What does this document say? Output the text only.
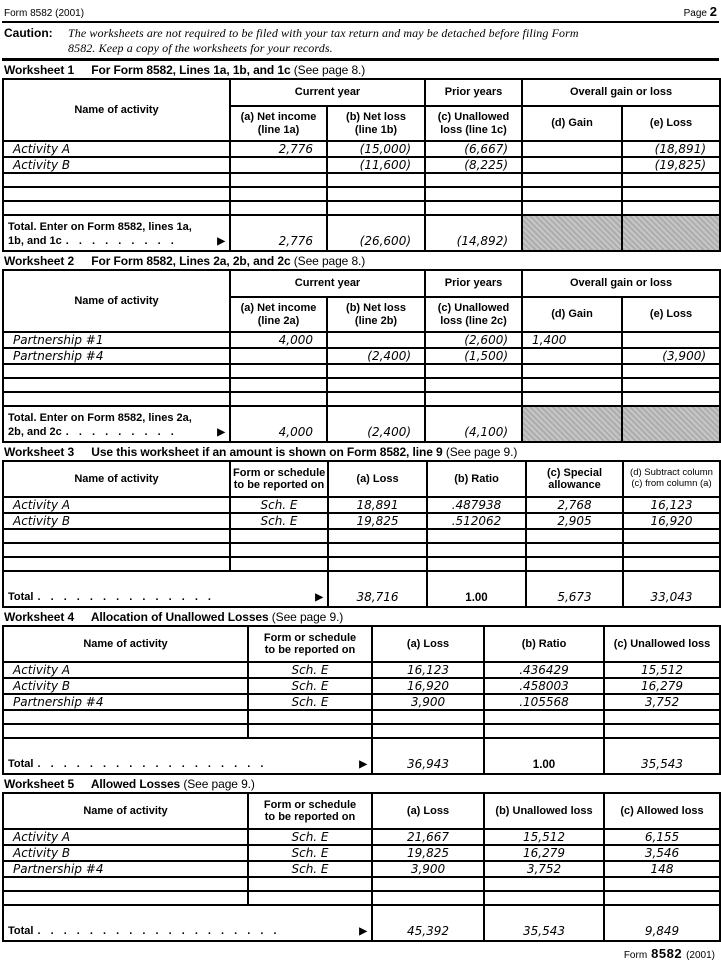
Form 8582 (2001)	Page 2
Caution: The worksheets are not required to be filed with your tax return and may be detached before filing Form
8582. Keep a copy of the worksheets for your records.
Worksheet 1 For Form 8582, Lines 1a, 1b, and 1c (See page 8.)
Name of activity	Current year		Prior years	Overall gain or loss	

(a) Net income
(line 1a)

(b) Net loss
(line 1b)

(c) Unallowed
loss (line 1c)
	(d) Gain	(e) Loss
Activity A	2,776	(15,000)	(6,667)		(18,891)
Activity B		(11,600)	(8,225)		(19,825)

Total. Enter on Form 8582, lines 1a,
1b, and 1c . . . . . . . . . ▶	2,776	(26,600)	(14,892)		
Worksheet 2 For Form 8582, Lines 2a, 2b, and 2c (See page 8.)
Name of activity	Current year		Prior years	Overall gain or loss	

(a) Net income
(line 2a)

(b) Net loss
(line 2b)

(c) Unallowed
loss (line 2c)
	(d) Gain	(e) Loss
Partnership #1	4,000		(2,600)	1,400	
Partnership #4		(2,400)	(1,500)		(3,900)

Total. Enter on Form 8582, lines 2a,
2b, and 2c . . . . . . . . . ▶	4,000	(2,400)	(4,100)		
Worksheet 3 Use this worksheet if an amount is shown on Form 8582, line 9 (See page 9.)
Name of activity	
Form or schedule
to be reported on
	(a) Loss	(b) Ratio	
(c) Special
allowance

(d) Subtract column
(c) from column (a)

Activity A	Sch. E	18,891	.487938	2,768	16,123
Activity B	Sch. E	19,825	.512062	2,905	16,920

Total . . . . . . . . . . . . . . ▶		38,716	1.00	5,673	33,043
Worksheet 4 Allocation of Unallowed Losses (See page 9.)
Name of activity	Form or schedule
to be reported on	(a) Loss	(b) Ratio	(c) Unallowed loss
Activity A	Sch. E	16,123	.436429	15,512
Activity B	Sch. E	16,920	.458003	16,279
Partnership #4	Sch. E	3,900	.105568	3,752

Total . . . . . . . . . . . . . . . . . . ▶		36,943	1.00	35,543
Worksheet 5 Allowed Losses (See page 9.)
Name of activity	Form or schedule
to be reported on	(a) Loss	(b) Unallowed loss	(c) Allowed loss
Activity A	Sch. E	21,667	15,512	6,155
Activity B	Sch. E	19,825	16,279	3,546
Partnership #4	Sch. E	3,900	3,752	148

Total . . . . . . . . . . . . . . . . . . . ▶		45,392	35,543	9,849
Form 8582 (2001)
